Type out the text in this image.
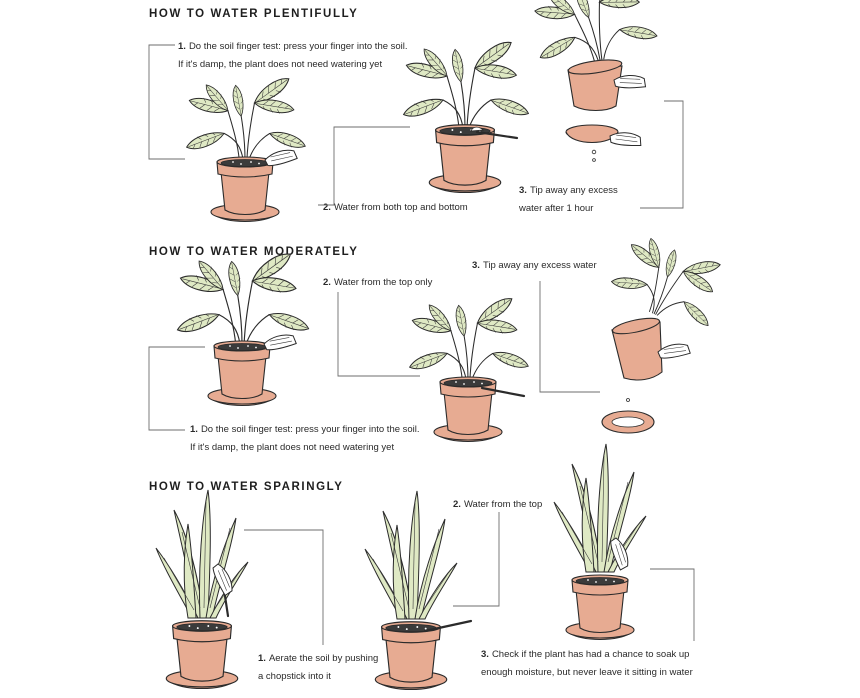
HOW TO WATER PLENTIFULLY
HOW TO WATER MODERATELY
HOW TO WATER SPARINGLY
1. Do the soil finger test: press your finger into the soil.
If it's damp, the plant does not need watering yet
2. Water from both top and bottom
3. Tip away any excess
water after 1 hour
1. Do the soil finger test: press your finger into the soil.
If it's damp, the plant does not need watering yet
2. Water from the top only
3. Tip away any excess water
1. Aerate the soil by pushing
a chopstick into it
2. Water from the top
3. Check if the plant has had a chance to soak up
enough moisture, but never leave it sitting in water
